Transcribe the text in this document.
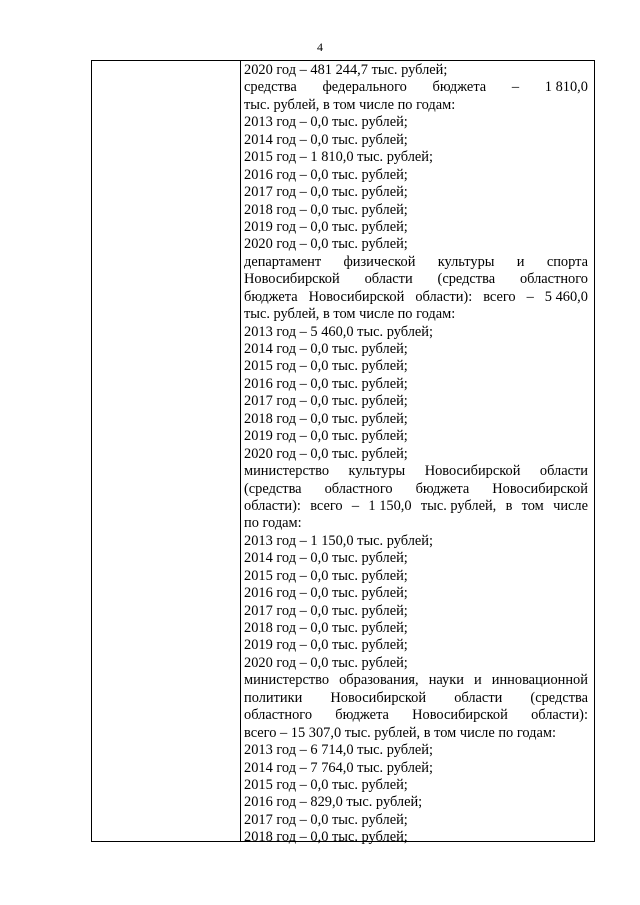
4
2020 год – 481 244,7 тыс. рублей;
средства федерального бюджета – 1 810,0
тыс. рублей, в том числе по годам:
2013 год – 0,0 тыс. рублей;
2014 год – 0,0 тыс. рублей;
2015 год – 1 810,0 тыс. рублей;
2016 год – 0,0 тыс. рублей;
2017 год – 0,0 тыс. рублей;
2018 год – 0,0 тыс. рублей;
2019 год – 0,0 тыс. рублей;
2020 год – 0,0 тыс. рублей;
департамент физической культуры и спорта
Новосибирской области (средства областного
бюджета Новосибирской области): всего – 5 460,0
тыс. рублей, в том числе по годам:
2013 год – 5 460,0 тыс. рублей;
2014 год – 0,0 тыс. рублей;
2015 год – 0,0 тыс. рублей;
2016 год – 0,0 тыс. рублей;
2017 год – 0,0 тыс. рублей;
2018 год – 0,0 тыс. рублей;
2019 год – 0,0 тыс. рублей;
2020 год – 0,0 тыс. рублей;
министерство культуры Новосибирской области
(средства областного бюджета Новосибирской
области): всего – 1 150,0 тыс. рублей, в том числе
по годам:
2013 год – 1 150,0 тыс. рублей;
2014 год – 0,0 тыс. рублей;
2015 год – 0,0 тыс. рублей;
2016 год – 0,0 тыс. рублей;
2017 год – 0,0 тыс. рублей;
2018 год – 0,0 тыс. рублей;
2019 год – 0,0 тыс. рублей;
2020 год – 0,0 тыс. рублей;
министерство образования, науки и инновационной
политики Новосибирской области (средства
областного бюджета Новосибирской области):
всего – 15 307,0 тыс. рублей, в том числе по годам:
2013 год – 6 714,0 тыс. рублей;
2014 год – 7 764,0 тыс. рублей;
2015 год – 0,0 тыс. рублей;
2016 год – 829,0 тыс. рублей;
2017 год – 0,0 тыс. рублей;
2018 год – 0,0 тыс. рублей;
